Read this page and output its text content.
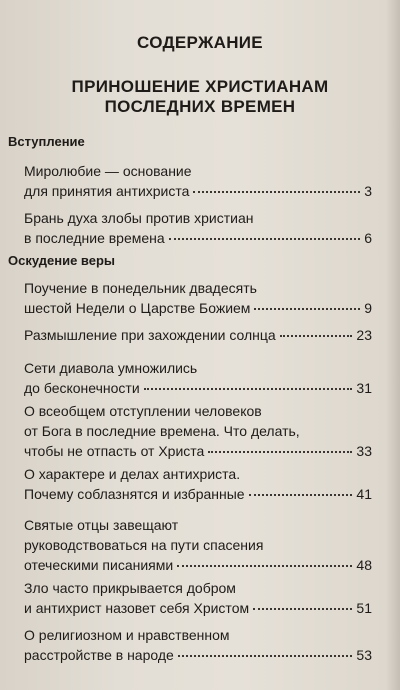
СОДЕРЖАНИЕ
ПРИНОШЕНИЕ ХРИСТИАНАМ
ПОСЛЕДНИХ ВРЕМЕН
Вступление
Миролюбие — основание
для принятия антихриста	3
Брань духа злобы против христиан
в последние времена	6
Оскудение веры
Поучение в понедельник двадесять
шестой Недели о Царстве Божием	9
Размышление при захождении солнца	23
Сети диавола умножились
до бесконечности	31
О всеобщем отступлении человеков
от Бога в последние времена. Что делать,
чтобы не отпасть от Христа	33
О характере и делах антихриста.
Почему соблазнятся и избранные	41
Святые отцы завещают
руководствоваться на пути спасения
отеческими писаниями	48
Зло часто прикрывается добром
и антихрист назовет себя Христом	51
О религиозном и нравственном
расстройстве в народе	53
